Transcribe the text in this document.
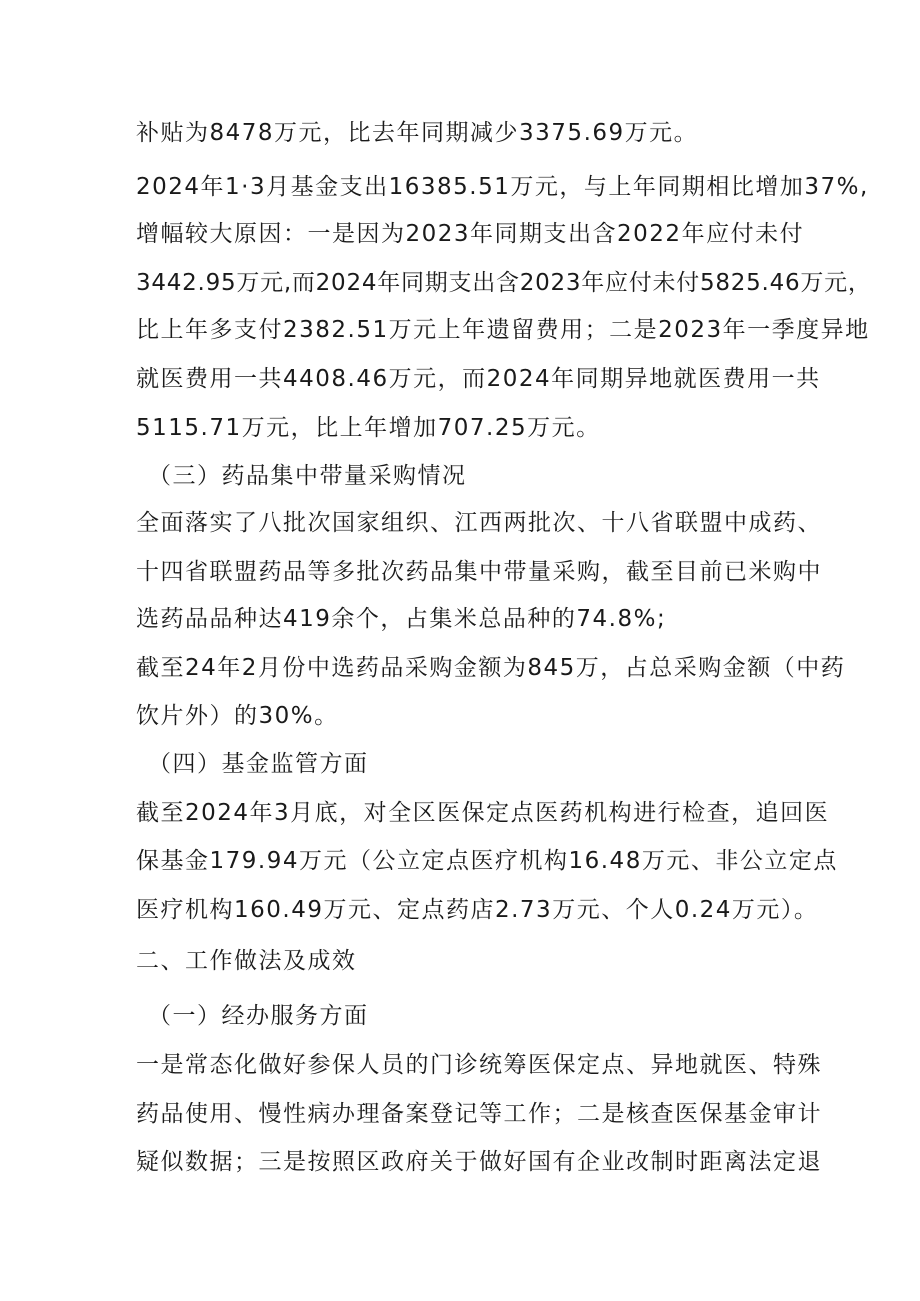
补贴为8478万元，比去年同期减少3375.69万元。
2024年1·3月基金支出16385.51万元，与上年同期相比增加37%,
增幅较大原因：一是因为2023年同期支出含2022年应付未付
3442.95万元,而2024年同期支出含2023年应付未付5825.46万元，
比上年多支付2382.51万元上年遗留费用；二是2023年一季度异地
就医费用一共4408.46万元，而2024年同期异地就医费用一共
5115.71万元，比上年增加707.25万元。
（三）药品集中带量采购情况
全面落实了八批次国家组织、江西两批次、十八省联盟中成药、
十四省联盟药品等多批次药品集中带量采购，截至目前已米购中
选药品品种达419余个，占集米总品种的74.8%;
截至24年2月份中选药品采购金额为845万，占总采购金额（中药
饮片外）的30%。
（四）基金监管方面
截至2024年3月底，对全区医保定点医药机构进行检查，追回医
保基金179.94万元（公立定点医疗机构16.48万元、非公立定点
医疗机构160.49万元、定点药店2.73万元、个人0.24万元）。
二、工作做法及成效
（一）经办服务方面
一是常态化做好参保人员的门诊统筹医保定点、异地就医、特殊
药品使用、慢性病办理备案登记等工作；二是核查医保基金审计
疑似数据；三是按照区政府关于做好国有企业改制时距离法定退
